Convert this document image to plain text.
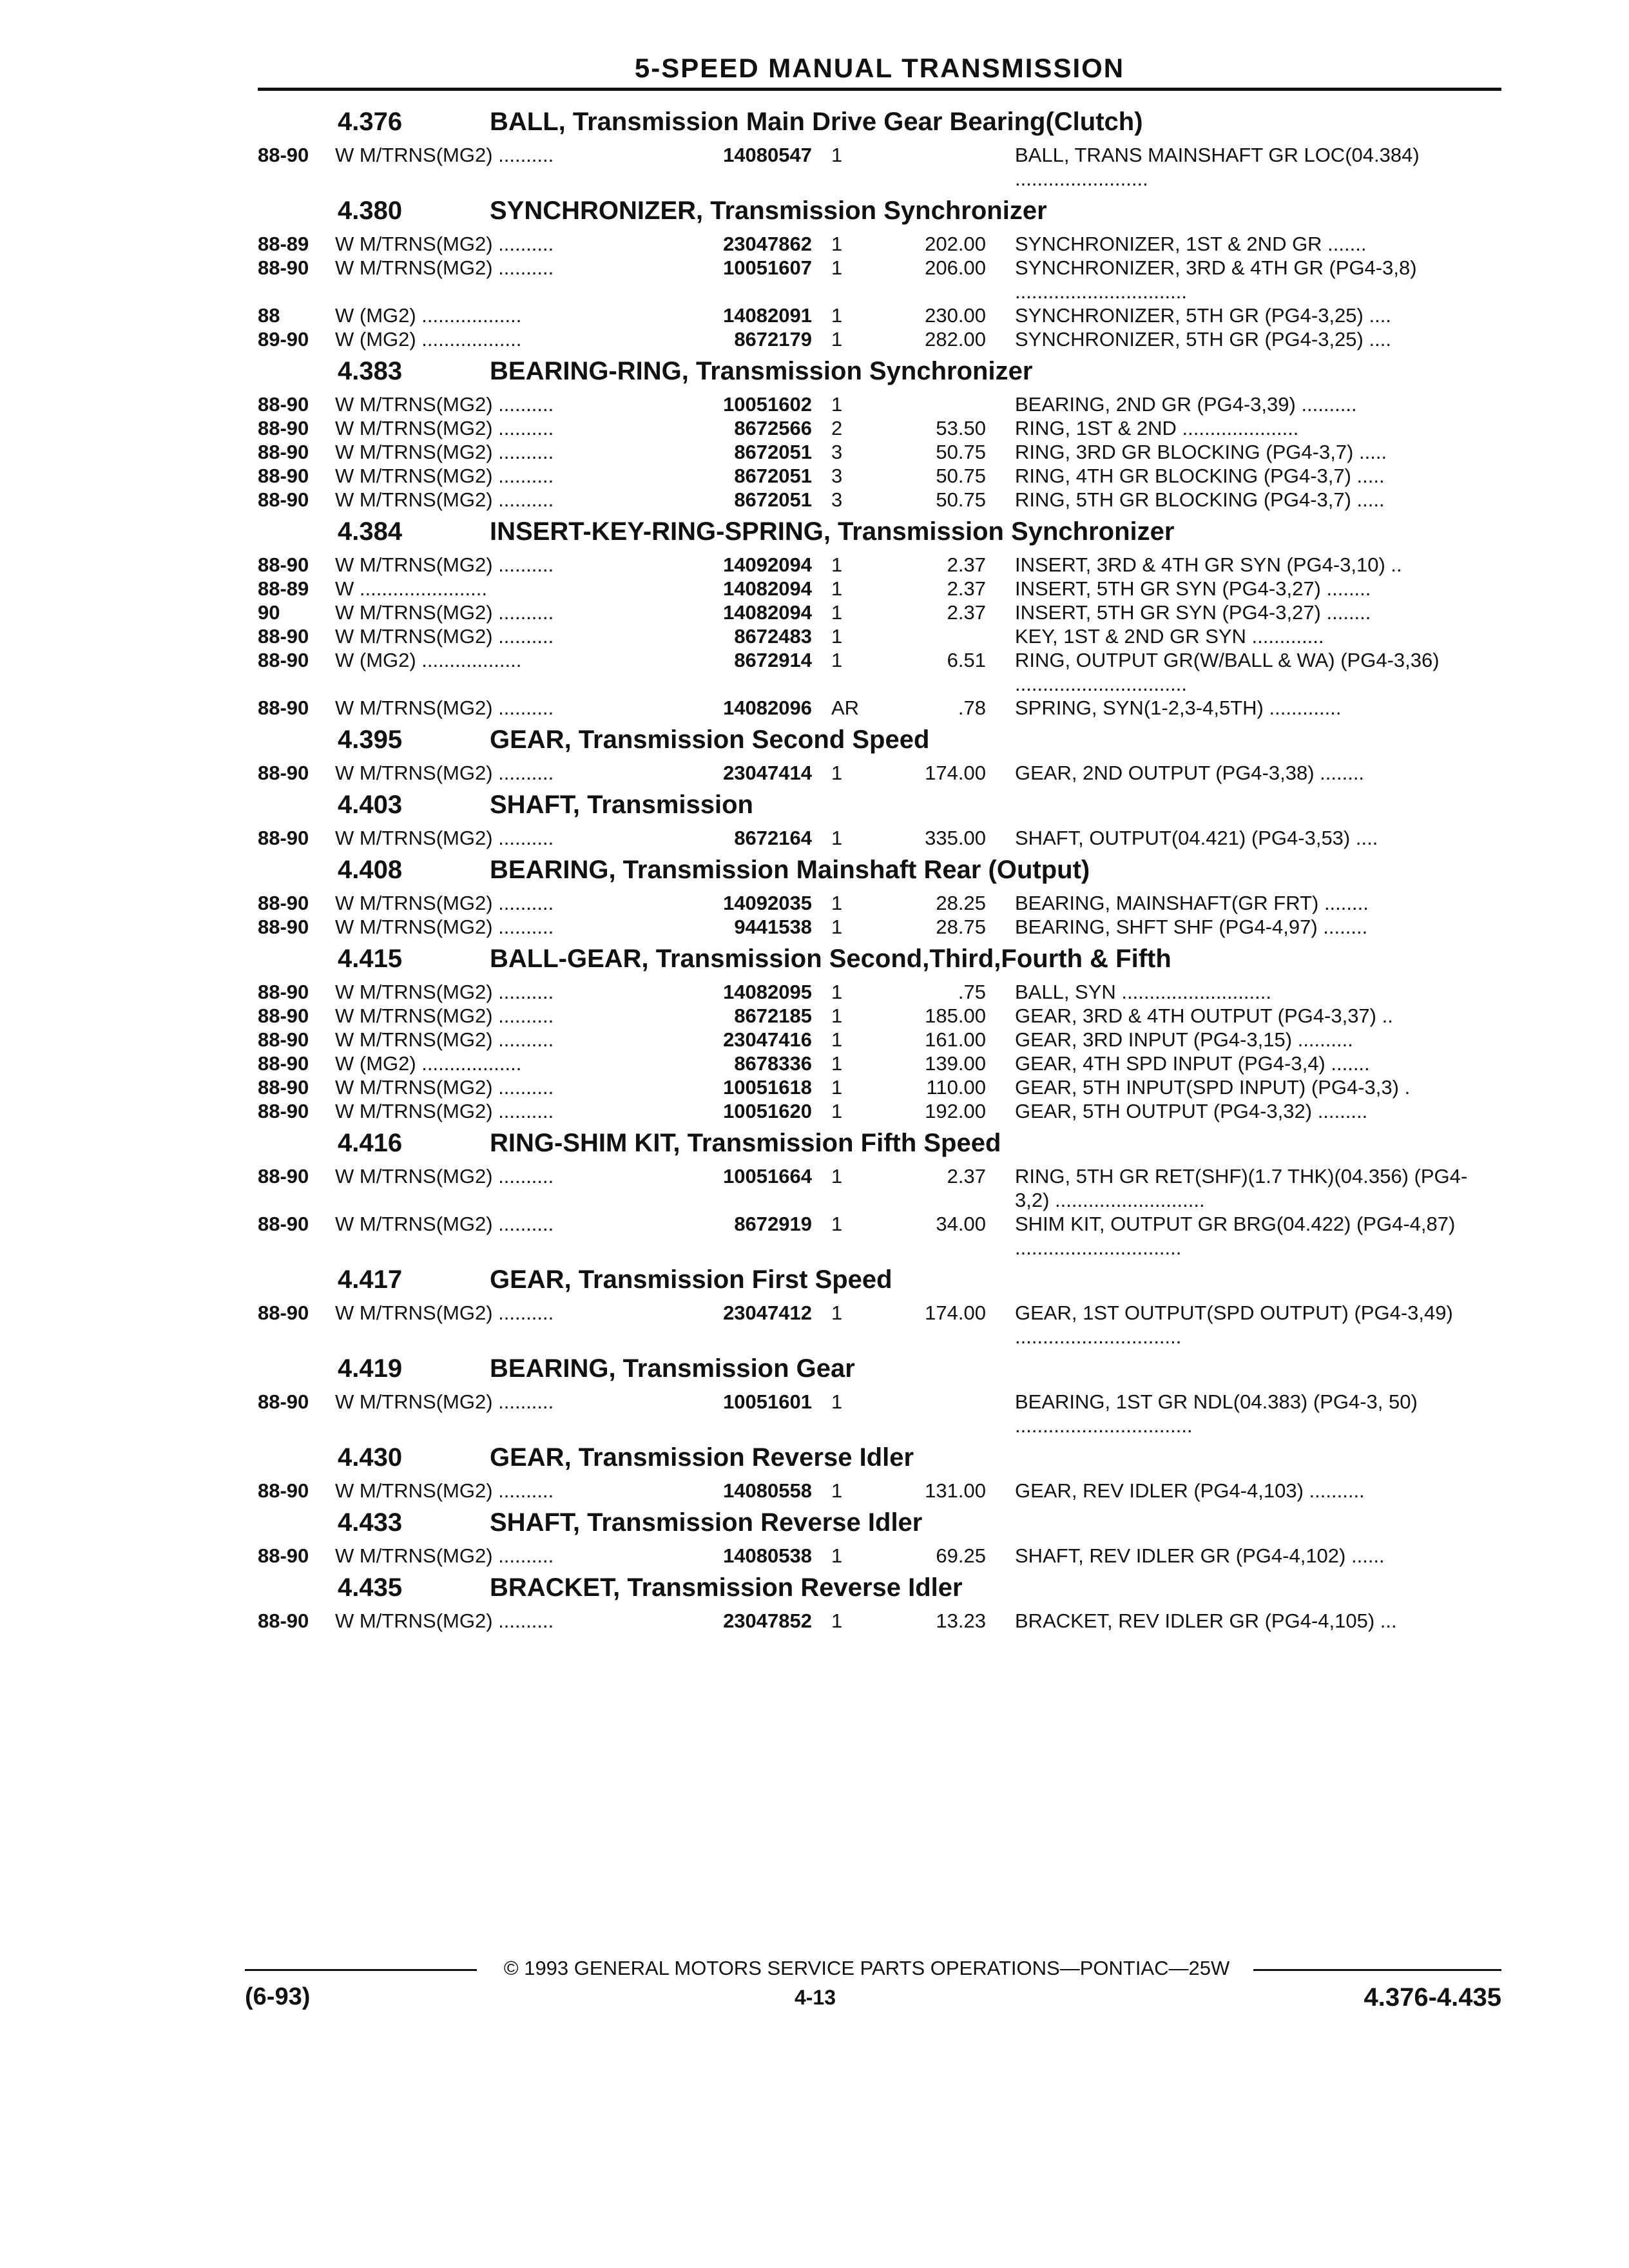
5-SPEED MANUAL TRANSMISSION
4.376	BALL, Transmission Main Drive Gear Bearing(Clutch)
88-90 W M/TRNS(MG2) ..........	14080547 1	BALL, TRANS MAINSHAFT GR LOC(04.384) ........................
4.380	SYNCHRONIZER, Transmission Synchronizer
88-89 W M/TRNS(MG2) ..........	23047862 1	202.00 SYNCHRONIZER, 1ST & 2ND GR .......
88-90 W M/TRNS(MG2) ..........	10051607 1	206.00 SYNCHRONIZER, 3RD & 4TH GR (PG4-3,8) ...............................
88	W (MG2) ..................	14082091 1	230.00 SYNCHRONIZER, 5TH GR (PG4-3,25) ....
89-90 W (MG2) ..................	8672179 1	282.00 SYNCHRONIZER, 5TH GR (PG4-3,25) ....
4.383	BEARING-RING, Transmission Synchronizer
88-90 W M/TRNS(MG2) ..........	10051602 1	BEARING, 2ND GR (PG4-3,39) ..........
88-90 W M/TRNS(MG2) ..........	8672566 2	53.50 RING, 1ST & 2ND .....................
88-90 W M/TRNS(MG2) ..........	8672051 3	50.75 RING, 3RD GR BLOCKING (PG4-3,7) .....
88-90 W M/TRNS(MG2) ..........	8672051 3	50.75 RING, 4TH GR BLOCKING (PG4-3,7) .....
88-90 W M/TRNS(MG2) ..........	8672051 3	50.75 RING, 5TH GR BLOCKING (PG4-3,7) .....
4.384	INSERT-KEY-RING-SPRING, Transmission Synchronizer
88-90 W M/TRNS(MG2) ..........	14092094 1	2.37 INSERT, 3RD & 4TH GR SYN (PG4-3,10) ..
88-89 W .......................	14082094 1	2.37 INSERT, 5TH GR SYN (PG4-3,27) ........
90	W M/TRNS(MG2) ..........	14082094 1	2.37 INSERT, 5TH GR SYN (PG4-3,27) ........
88-90 W M/TRNS(MG2) ..........	8672483 1	KEY, 1ST & 2ND GR SYN .............
88-90 W (MG2) ..................	8672914 1	6.51 RING, OUTPUT GR(W/BALL & WA) (PG4-3,36) ...............................
88-90 W M/TRNS(MG2) ..........	14082096 AR	.78 SPRING, SYN(1-2,3-4,5TH) .............
4.395	GEAR, Transmission Second Speed
88-90 W M/TRNS(MG2) ..........	23047414 1	174.00 GEAR, 2ND OUTPUT (PG4-3,38) ........
4.403	SHAFT, Transmission
88-90 W M/TRNS(MG2) ..........	8672164 1	335.00 SHAFT, OUTPUT(04.421) (PG4-3,53) ....
4.408	BEARING, Transmission Mainshaft Rear (Output)
88-90 W M/TRNS(MG2) ..........	14092035 1	28.25 BEARING, MAINSHAFT(GR FRT) ........
88-90 W M/TRNS(MG2) ..........	9441538 1	28.75 BEARING, SHFT SHF (PG4-4,97) ........
4.415	BALL-GEAR, Transmission Second,Third,Fourth & Fifth
88-90 W M/TRNS(MG2) ..........	14082095 1	.75 BALL, SYN ...........................
88-90 W M/TRNS(MG2) ..........	8672185 1	185.00 GEAR, 3RD & 4TH OUTPUT (PG4-3,37) ..
88-90 W M/TRNS(MG2) ..........	23047416 1	161.00 GEAR, 3RD INPUT (PG4-3,15) ..........
88-90 W (MG2) ..................	8678336 1	139.00 GEAR, 4TH SPD INPUT (PG4-3,4) .......
88-90 W M/TRNS(MG2) ..........	10051618 1	110.00 GEAR, 5TH INPUT(SPD INPUT) (PG4-3,3) .
88-90 W M/TRNS(MG2) ..........	10051620 1	192.00 GEAR, 5TH OUTPUT (PG4-3,32) .........
4.416	RING-SHIM KIT, Transmission Fifth Speed
88-90 W M/TRNS(MG2) ..........	10051664 1	2.37 RING, 5TH GR RET(SHF)(1.7 THK)(04.356) (PG4-3,2) ...........................
88-90 W M/TRNS(MG2) ..........	8672919 1	34.00 SHIM KIT, OUTPUT GR BRG(04.422) (PG4-4,87) ..............................
4.417	GEAR, Transmission First Speed
88-90 W M/TRNS(MG2) ..........	23047412 1	174.00 GEAR, 1ST OUTPUT(SPD OUTPUT) (PG4-3,49) ..............................
4.419	BEARING, Transmission Gear
88-90 W M/TRNS(MG2) ..........	10051601 1	BEARING, 1ST GR NDL(04.383) (PG4-3, 50) ................................
4.430	GEAR, Transmission Reverse Idler
88-90 W M/TRNS(MG2) ..........	14080558 1	131.00 GEAR, REV IDLER (PG4-4,103) ..........
4.433	SHAFT, Transmission Reverse Idler
88-90 W M/TRNS(MG2) ..........	14080538 1	69.25 SHAFT, REV IDLER GR (PG4-4,102) ......
4.435	BRACKET, Transmission Reverse Idler
88-90 W M/TRNS(MG2) ..........	23047852 1	13.23 BRACKET, REV IDLER GR (PG4-4,105) ...
© 1993 GENERAL MOTORS SERVICE PARTS OPERATIONS—PONTIAC—25W
(6-93)	4-13	4.376-4.435
